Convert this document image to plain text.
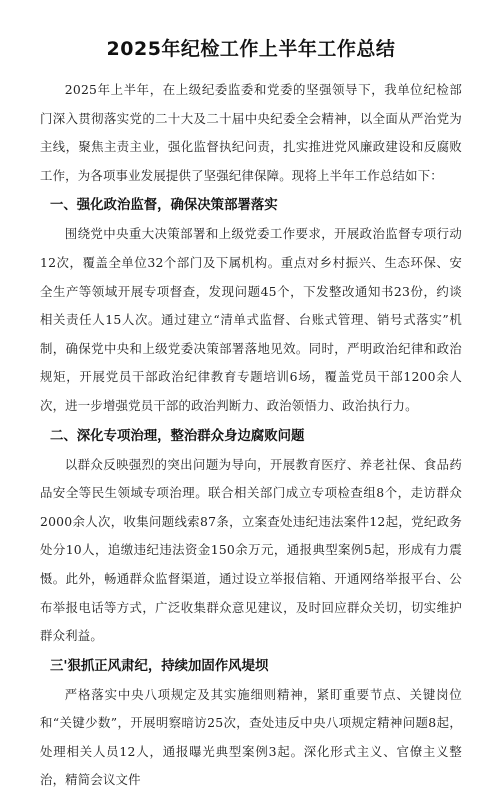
2025年纪检工作上半年工作总结

2025年上半年，在上级纪委监委和党委的坚强领导下，我单位纪检部门深入贯彻落实党的二十大及二十届中央纪委全会精神，以全面从严治党为主线，聚焦主责主业，强化监督执纪问责，扎实推进党风廉政建设和反腐败工作，为各项事业发展提供了坚强纪律保障。现将上半年工作总结如下：

一、强化政治监督，确保决策部署落实

围绕党中央重大决策部署和上级党委工作要求，开展政治监督专项行动12次，覆盖全单位32个部门及下属机构。重点对乡村振兴、生态环保、安全生产等领域开展专项督查，发现问题45个，下发整改通知书23份，约谈相关责任人15人次。通过建立“清单式监督、台账式管理、销号式落实”机制，确保党中央和上级党委决策部署落地见效。同时，严明政治纪律和政治规矩，开展党员干部政治纪律教育专题培训6场，覆盖党员干部1200余人次，进一步增强党员干部的政治判断力、政治领悟力、政治执行力。

二、深化专项治理，整治群众身边腐败问题

以群众反映强烈的突出问题为导向，开展教育医疗、养老社保、食品药品安全等民生领域专项治理。联合相关部门成立专项检查组8个，走访群众2000余人次，收集问题线索87条，立案查处违纪违法案件12起，党纪政务处分10人，追缴违纪违法资金150余万元，通报典型案例5起，形成有力震慑。此外，畅通群众监督渠道，通过设立举报信箱、开通网络举报平台、公布举报电话等方式，广泛收集群众意见建议，及时回应群众关切，切实维护群众利益。

三'狠抓正风肃纪，持续加固作风堤坝

严格落实中央八项规定及其实施细则精神，紧盯重要节点、关键岗位和“关键少数”，开展明察暗访25次，查处违反中央八项规定精神问题8起，处理相关人员12人，通报曝光典型案例3起。深化形式主义、官僚主义整治，精简会议文件
